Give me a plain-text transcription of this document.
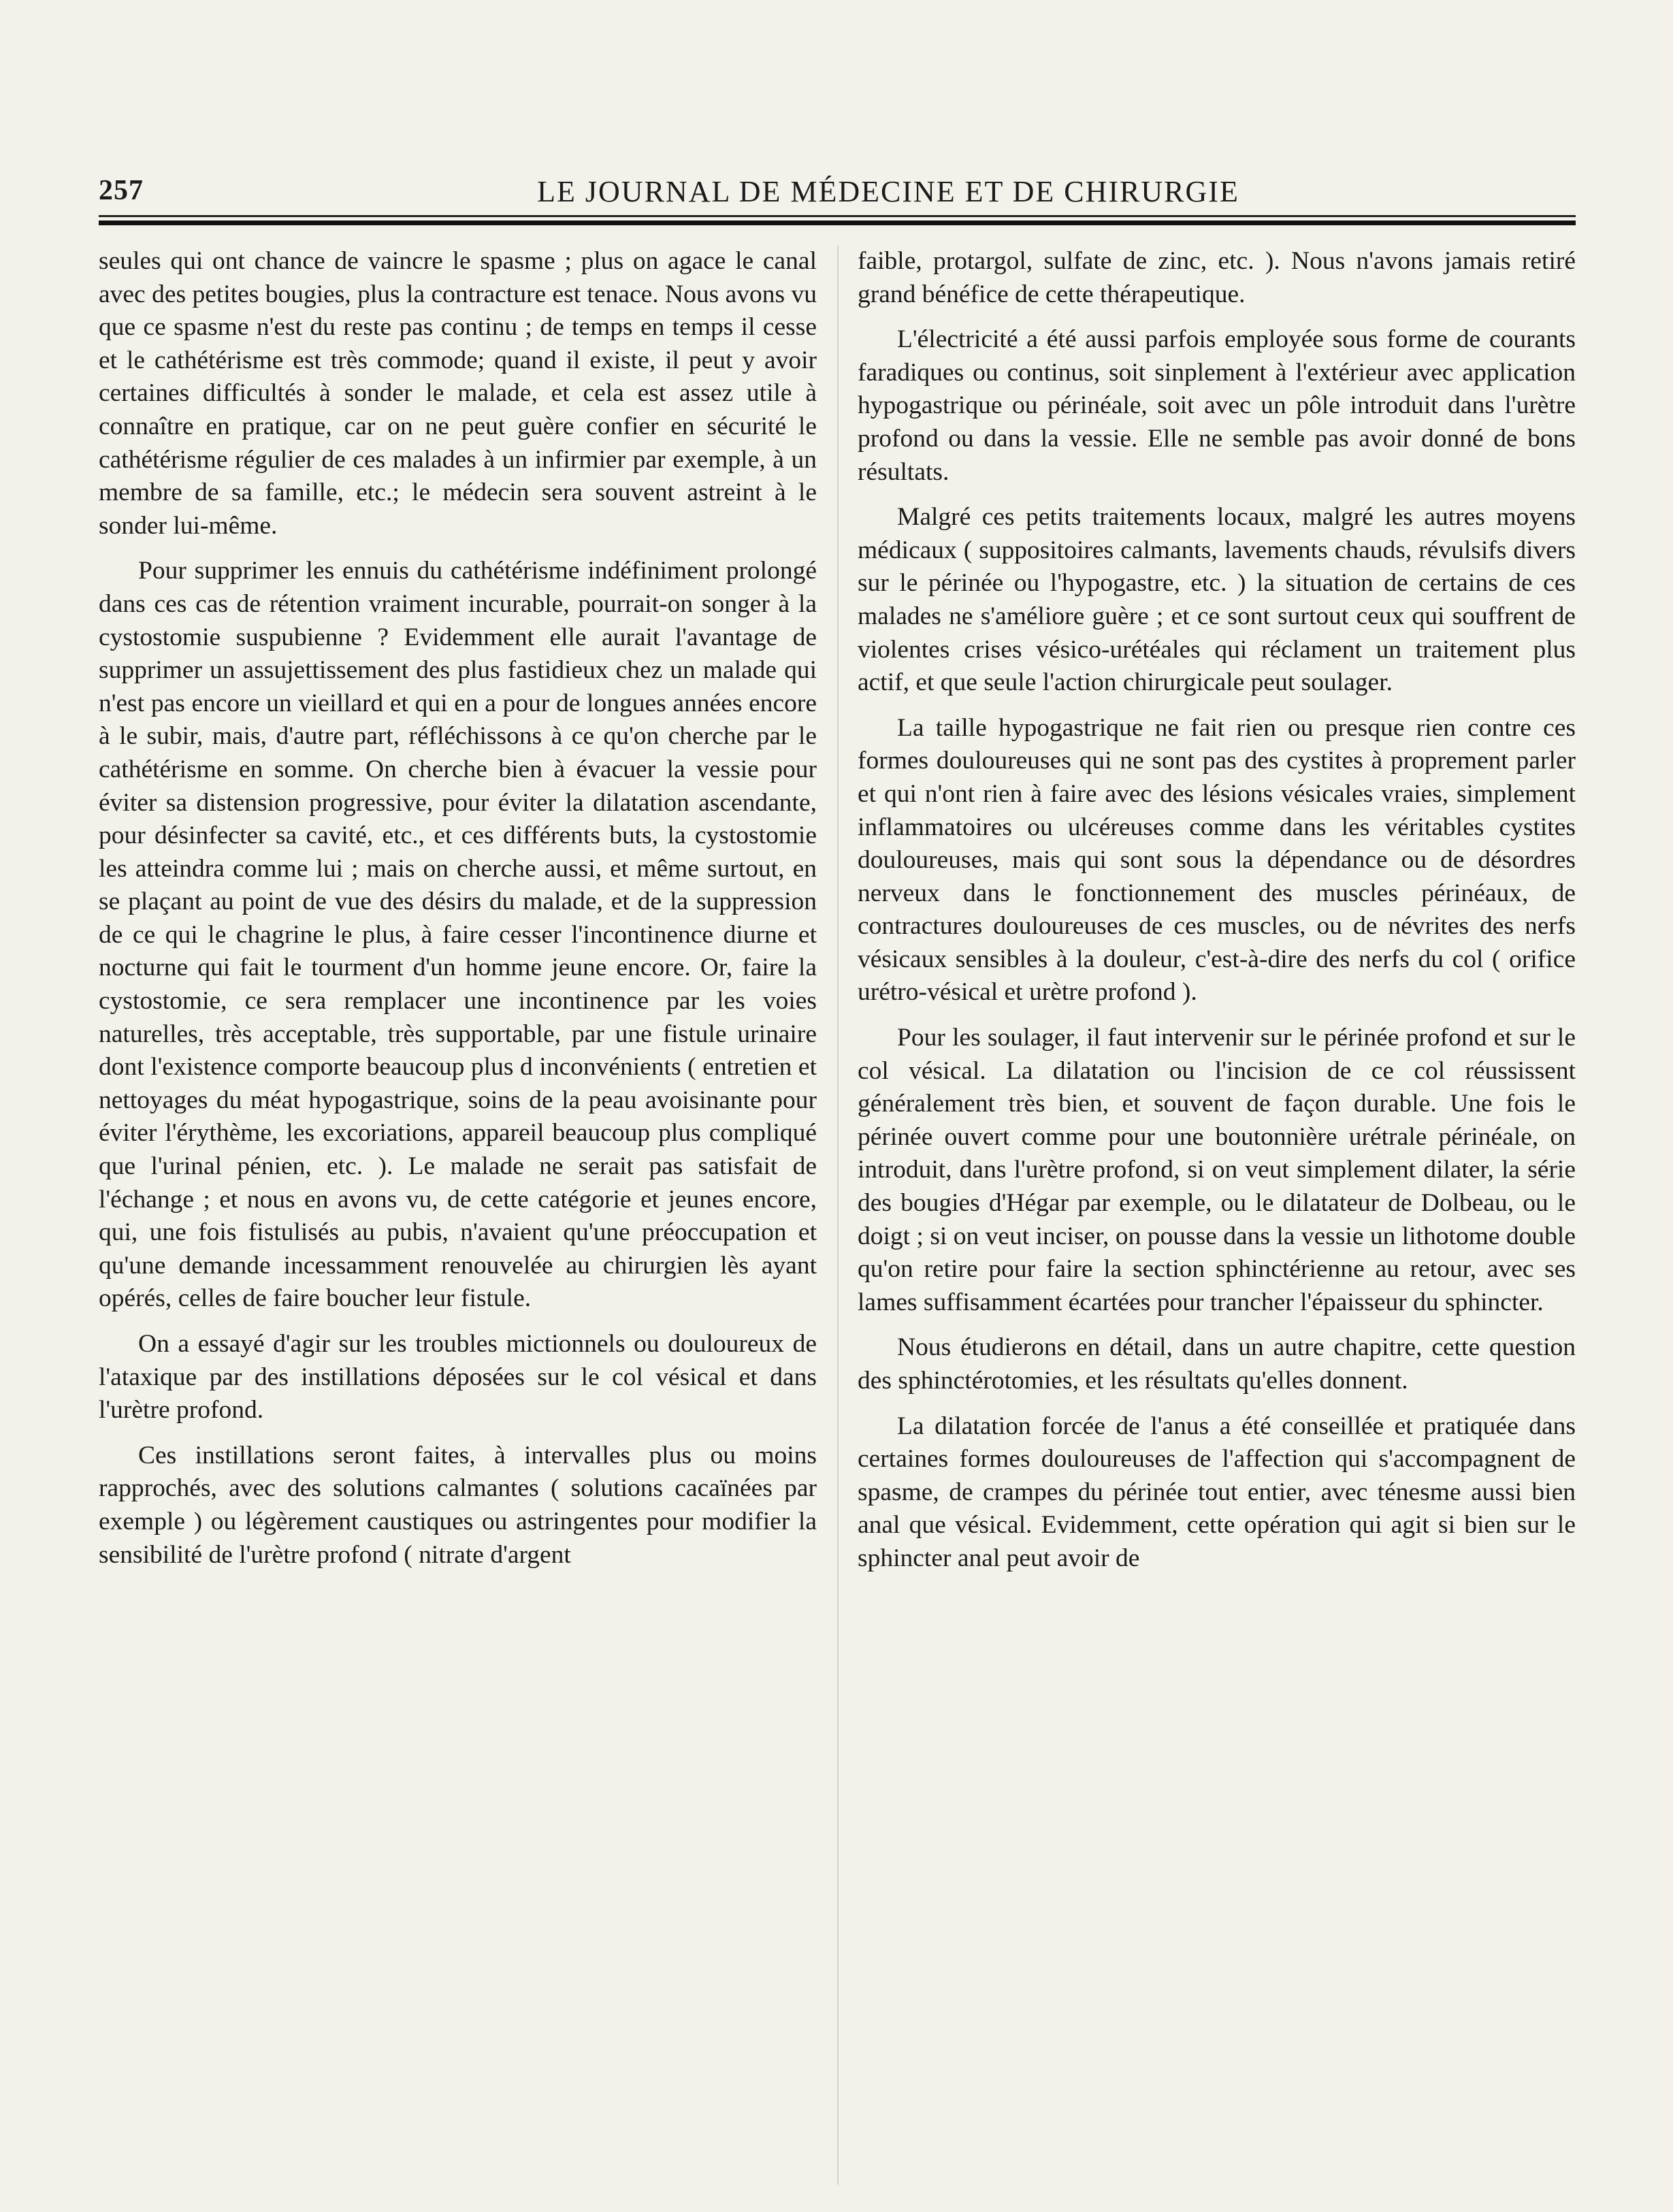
257	LE JOURNAL DE MÉDECINE ET DE CHIRURGIE

seules qui ont chance de vaincre le spasme ; plus on agace le canal avec des petites bougies, plus la contracture est tenace. Nous avons vu que ce spasme n'est du reste pas continu ; de temps en temps il cesse et le cathétérisme est très commode; quand il existe, il peut y avoir certaines difficultés à sonder le malade, et cela est assez utile à connaître en pratique, car on ne peut guère confier en sécurité le cathétérisme régulier de ces malades à un infirmier par exemple, à un membre de sa famille, etc.; le médecin sera souvent astreint à le sonder lui-même.

Pour supprimer les ennuis du cathétérisme indéfiniment prolongé dans ces cas de rétention vraiment incurable, pourrait-on songer à la cystostomie suspubienne ? Evidemment elle aurait l'avantage de supprimer un assujettissement des plus fastidieux chez un malade qui n'est pas encore un vieillard et qui en a pour de longues années encore à le subir, mais, d'autre part, réfléchissons à ce qu'on cherche par le cathétérisme en somme. On cherche bien à évacuer la vessie pour éviter sa distension progressive, pour éviter la dilatation ascendante, pour désinfecter sa cavité, etc., et ces différents buts, la cystostomie les atteindra comme lui ; mais on cherche aussi, et même surtout, en se plaçant au point de vue des désirs du malade, et de la suppression de ce qui le chagrine le plus, à faire cesser l'incontinence diurne et nocturne qui fait le tourment d'un homme jeune encore. Or, faire la cystostomie, ce sera remplacer une incontinence par les voies naturelles, très acceptable, très supportable, par une fistule urinaire dont l'existence comporte beaucoup plus d inconvénients ( entretien et nettoyages du méat hypogastrique, soins de la peau avoisinante pour éviter l'érythème, les excoriations, appareil beaucoup plus compliqué que l'urinal pénien, etc. ). Le malade ne serait pas satisfait de l'échange ; et nous en avons vu, de cette catégorie et jeunes encore, qui, une fois fistulisés au pubis, n'avaient qu'une préoccupation et qu'une demande incessamment renouvelée au chirurgien lès ayant opérés, celles de faire boucher leur fistule.

On a essayé d'agir sur les troubles mictionnels ou douloureux de l'ataxique par des instillations déposées sur le col vésical et dans l'urètre profond.

Ces instillations seront faites, à intervalles plus ou moins rapprochés, avec des solutions calmantes ( solutions cacaïnées par exemple ) ou légèrement caustiques ou astringentes pour modifier la sensibilité de l'urètre profond ( nitrate d'argent

faible, protargol, sulfate de zinc, etc. ). Nous n'avons jamais retiré grand bénéfice de cette thérapeutique.

L'électricité a été aussi parfois employée sous forme de courants faradiques ou continus, soit sinplement à l'extérieur avec application hypogastrique ou périnéale, soit avec un pôle introduit dans l'urètre profond ou dans la vessie. Elle ne semble pas avoir donné de bons résultats.

Malgré ces petits traitements locaux, malgré les autres moyens médicaux ( suppositoires calmants, lavements chauds, révulsifs divers sur le périnée ou l'hypogastre, etc. ) la situation de certains de ces malades ne s'améliore guère ; et ce sont surtout ceux qui souffrent de violentes crises vésico-urétéales qui réclament un traitement plus actif, et que seule l'action chirurgicale peut soulager.

La taille hypogastrique ne fait rien ou presque rien contre ces formes douloureuses qui ne sont pas des cystites à proprement parler et qui n'ont rien à faire avec des lésions vésicales vraies, simplement inflammatoires ou ulcéreuses comme dans les véritables cystites douloureuses, mais qui sont sous la dépendance ou de désordres nerveux dans le fonctionnement des muscles périnéaux, de contractures douloureuses de ces muscles, ou de névrites des nerfs vésicaux sensibles à la douleur, c'est-à-dire des nerfs du col ( orifice urétro-vésical et urètre profond ).

Pour les soulager, il faut intervenir sur le périnée profond et sur le col vésical. La dilatation ou l'incision de ce col réussissent généralement très bien, et souvent de façon durable. Une fois le périnée ouvert comme pour une boutonnière urétrale périnéale, on introduit, dans l'urètre profond, si on veut simplement dilater, la série des bougies d'Hégar par exemple, ou le dilatateur de Dolbeau, ou le doigt ; si on veut inciser, on pousse dans la vessie un lithotome double qu'on retire pour faire la section sphinctérienne au retour, avec ses lames suffisamment écartées pour trancher l'épaisseur du sphincter.

Nous étudierons en détail, dans un autre chapitre, cette question des sphinctérotomies, et les résultats qu'elles donnent.

La dilatation forcée de l'anus a été conseillée et pratiquée dans certaines formes douloureuses de l'affection qui s'accompagnent de spasme, de crampes du périnée tout entier, avec ténesme aussi bien anal que vésical. Evidemment, cette opération qui agit si bien sur le sphincter anal peut avoir de
